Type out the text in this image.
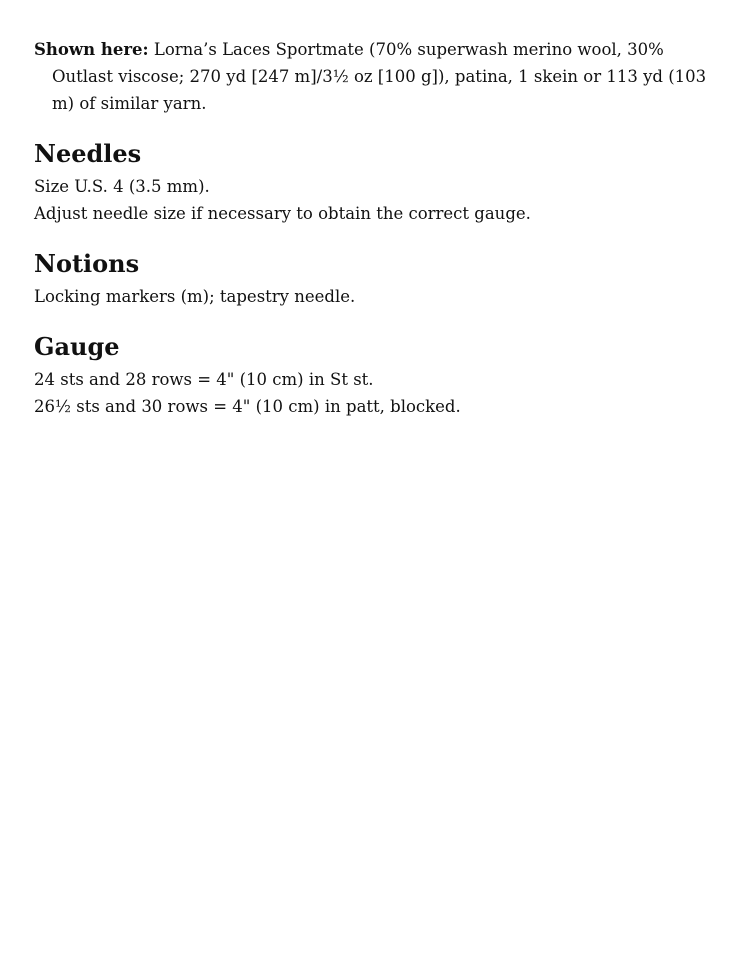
Shown here: Lorna’s Laces Sportmate (70% superwash merino wool, 30% Outlast viscose; 270 yd [247 m]/3½ oz [100 g]), patina, 1 skein or 113 yd (103 m) of similar yarn.

Needles

Size U.S. 4 (3.5 mm).

Adjust needle size if necessary to obtain the correct gauge.

Notions

Locking markers (m); tapestry needle.

Gauge

24 sts and 28 rows = 4" (10 cm) in St st.

26½ sts and 30 rows = 4" (10 cm) in patt, blocked.
